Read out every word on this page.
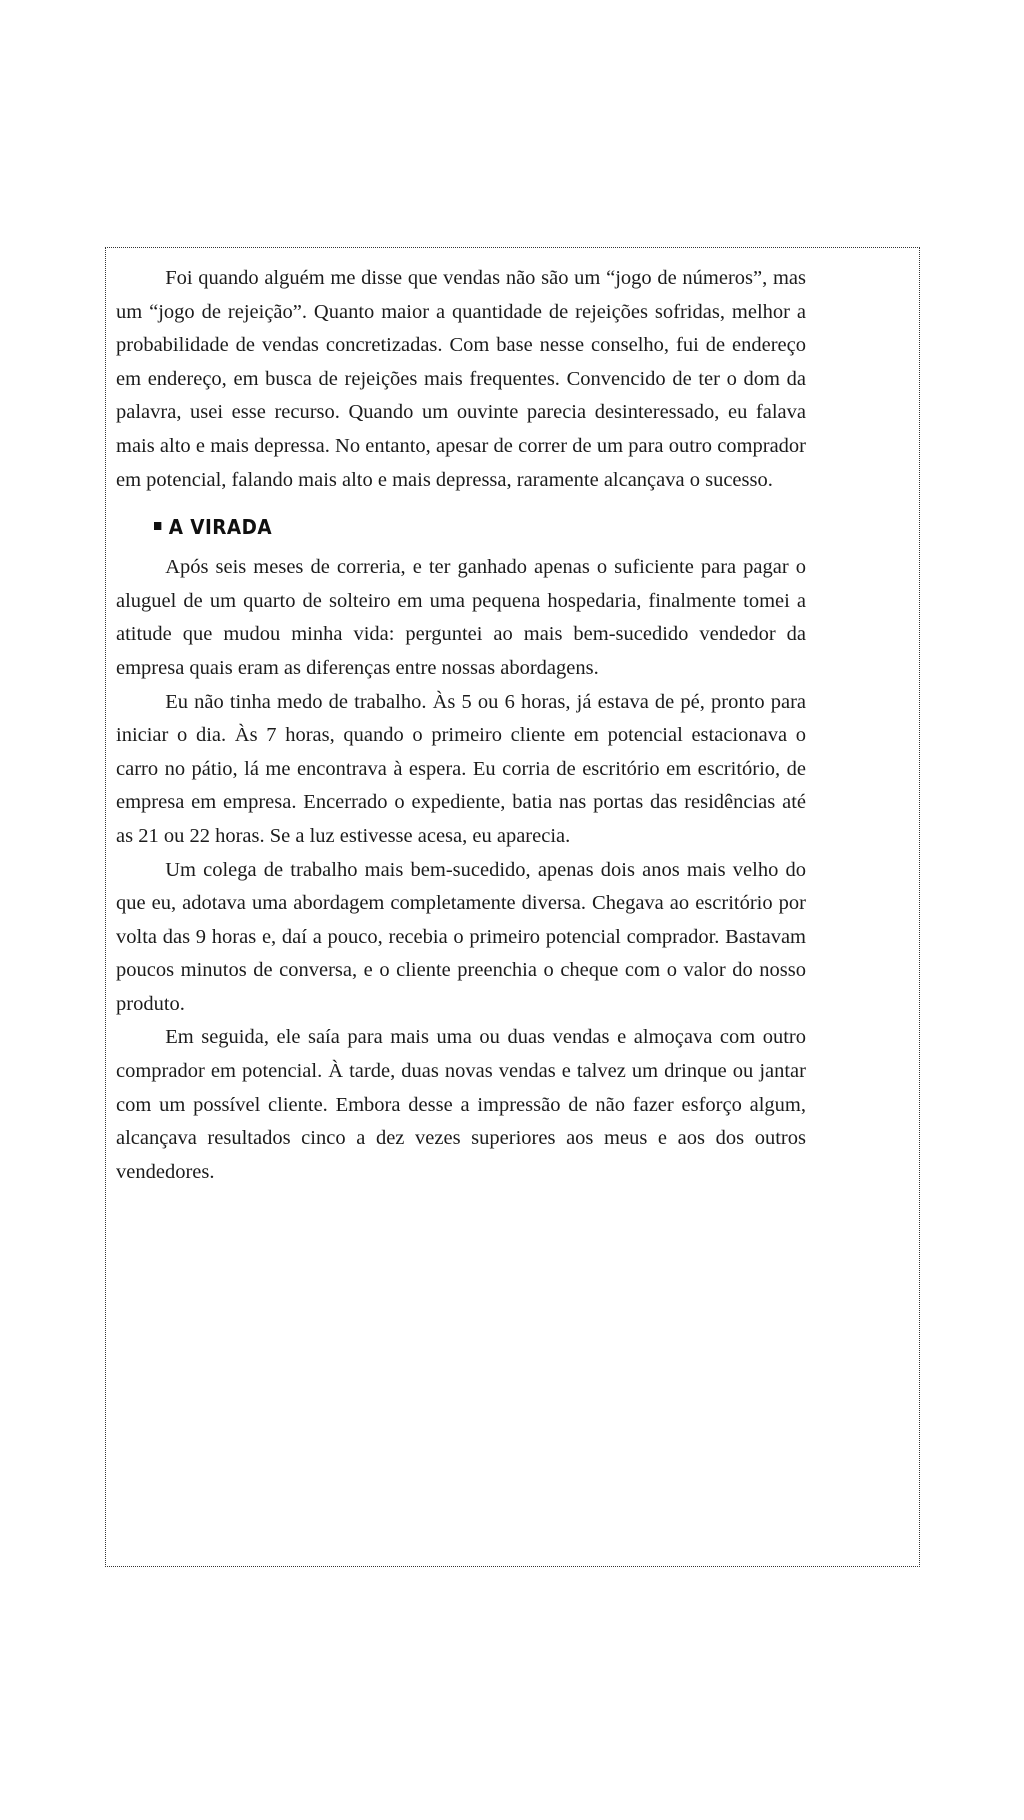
Foi quando alguém me disse que vendas não são um “jogo de números”, mas um “jogo de rejeição”. Quanto maior a quantidade de rejeições sofridas, melhor a probabilidade de vendas concretizadas. Com base nesse conselho, fui de endereço em endereço, em busca de rejeições mais frequentes. Convencido de ter o dom da palavra, usei esse recurso. Quando um ouvinte parecia desinteressado, eu falava mais alto e mais depressa. No entanto, apesar de correr de um para outro comprador em potencial, falando mais alto e mais depressa, raramente alcançava o sucesso.

A VIRADA

Após seis meses de correria, e ter ganhado apenas o suficiente para pagar o aluguel de um quarto de solteiro em uma pequena hospedaria, finalmente tomei a atitude que mudou minha vida: perguntei ao mais bem-sucedido vendedor da empresa quais eram as diferenças entre nossas abordagens.

Eu não tinha medo de trabalho. Às 5 ou 6 horas, já estava de pé, pronto para iniciar o dia. Às 7 horas, quando o primeiro cliente em potencial estacionava o carro no pátio, lá me encontrava à espera. Eu corria de escritório em escritório, de empresa em empresa. Encerrado o expediente, batia nas portas das residências até as 21 ou 22 horas. Se a luz estivesse acesa, eu aparecia.

Um colega de trabalho mais bem-sucedido, apenas dois anos mais velho do que eu, adotava uma abordagem completamente diversa. Chegava ao escritório por volta das 9 horas e, daí a pouco, recebia o primeiro potencial comprador. Bastavam poucos minutos de conversa, e o cliente preenchia o cheque com o valor do nosso produto.

Em seguida, ele saía para mais uma ou duas vendas e almoçava com outro comprador em potencial. À tarde, duas novas vendas e talvez um drinque ou jantar com um possível cliente. Embora desse a impressão de não fazer esforço algum, alcançava resultados cinco a dez vezes superiores aos meus e aos dos outros vendedores.
